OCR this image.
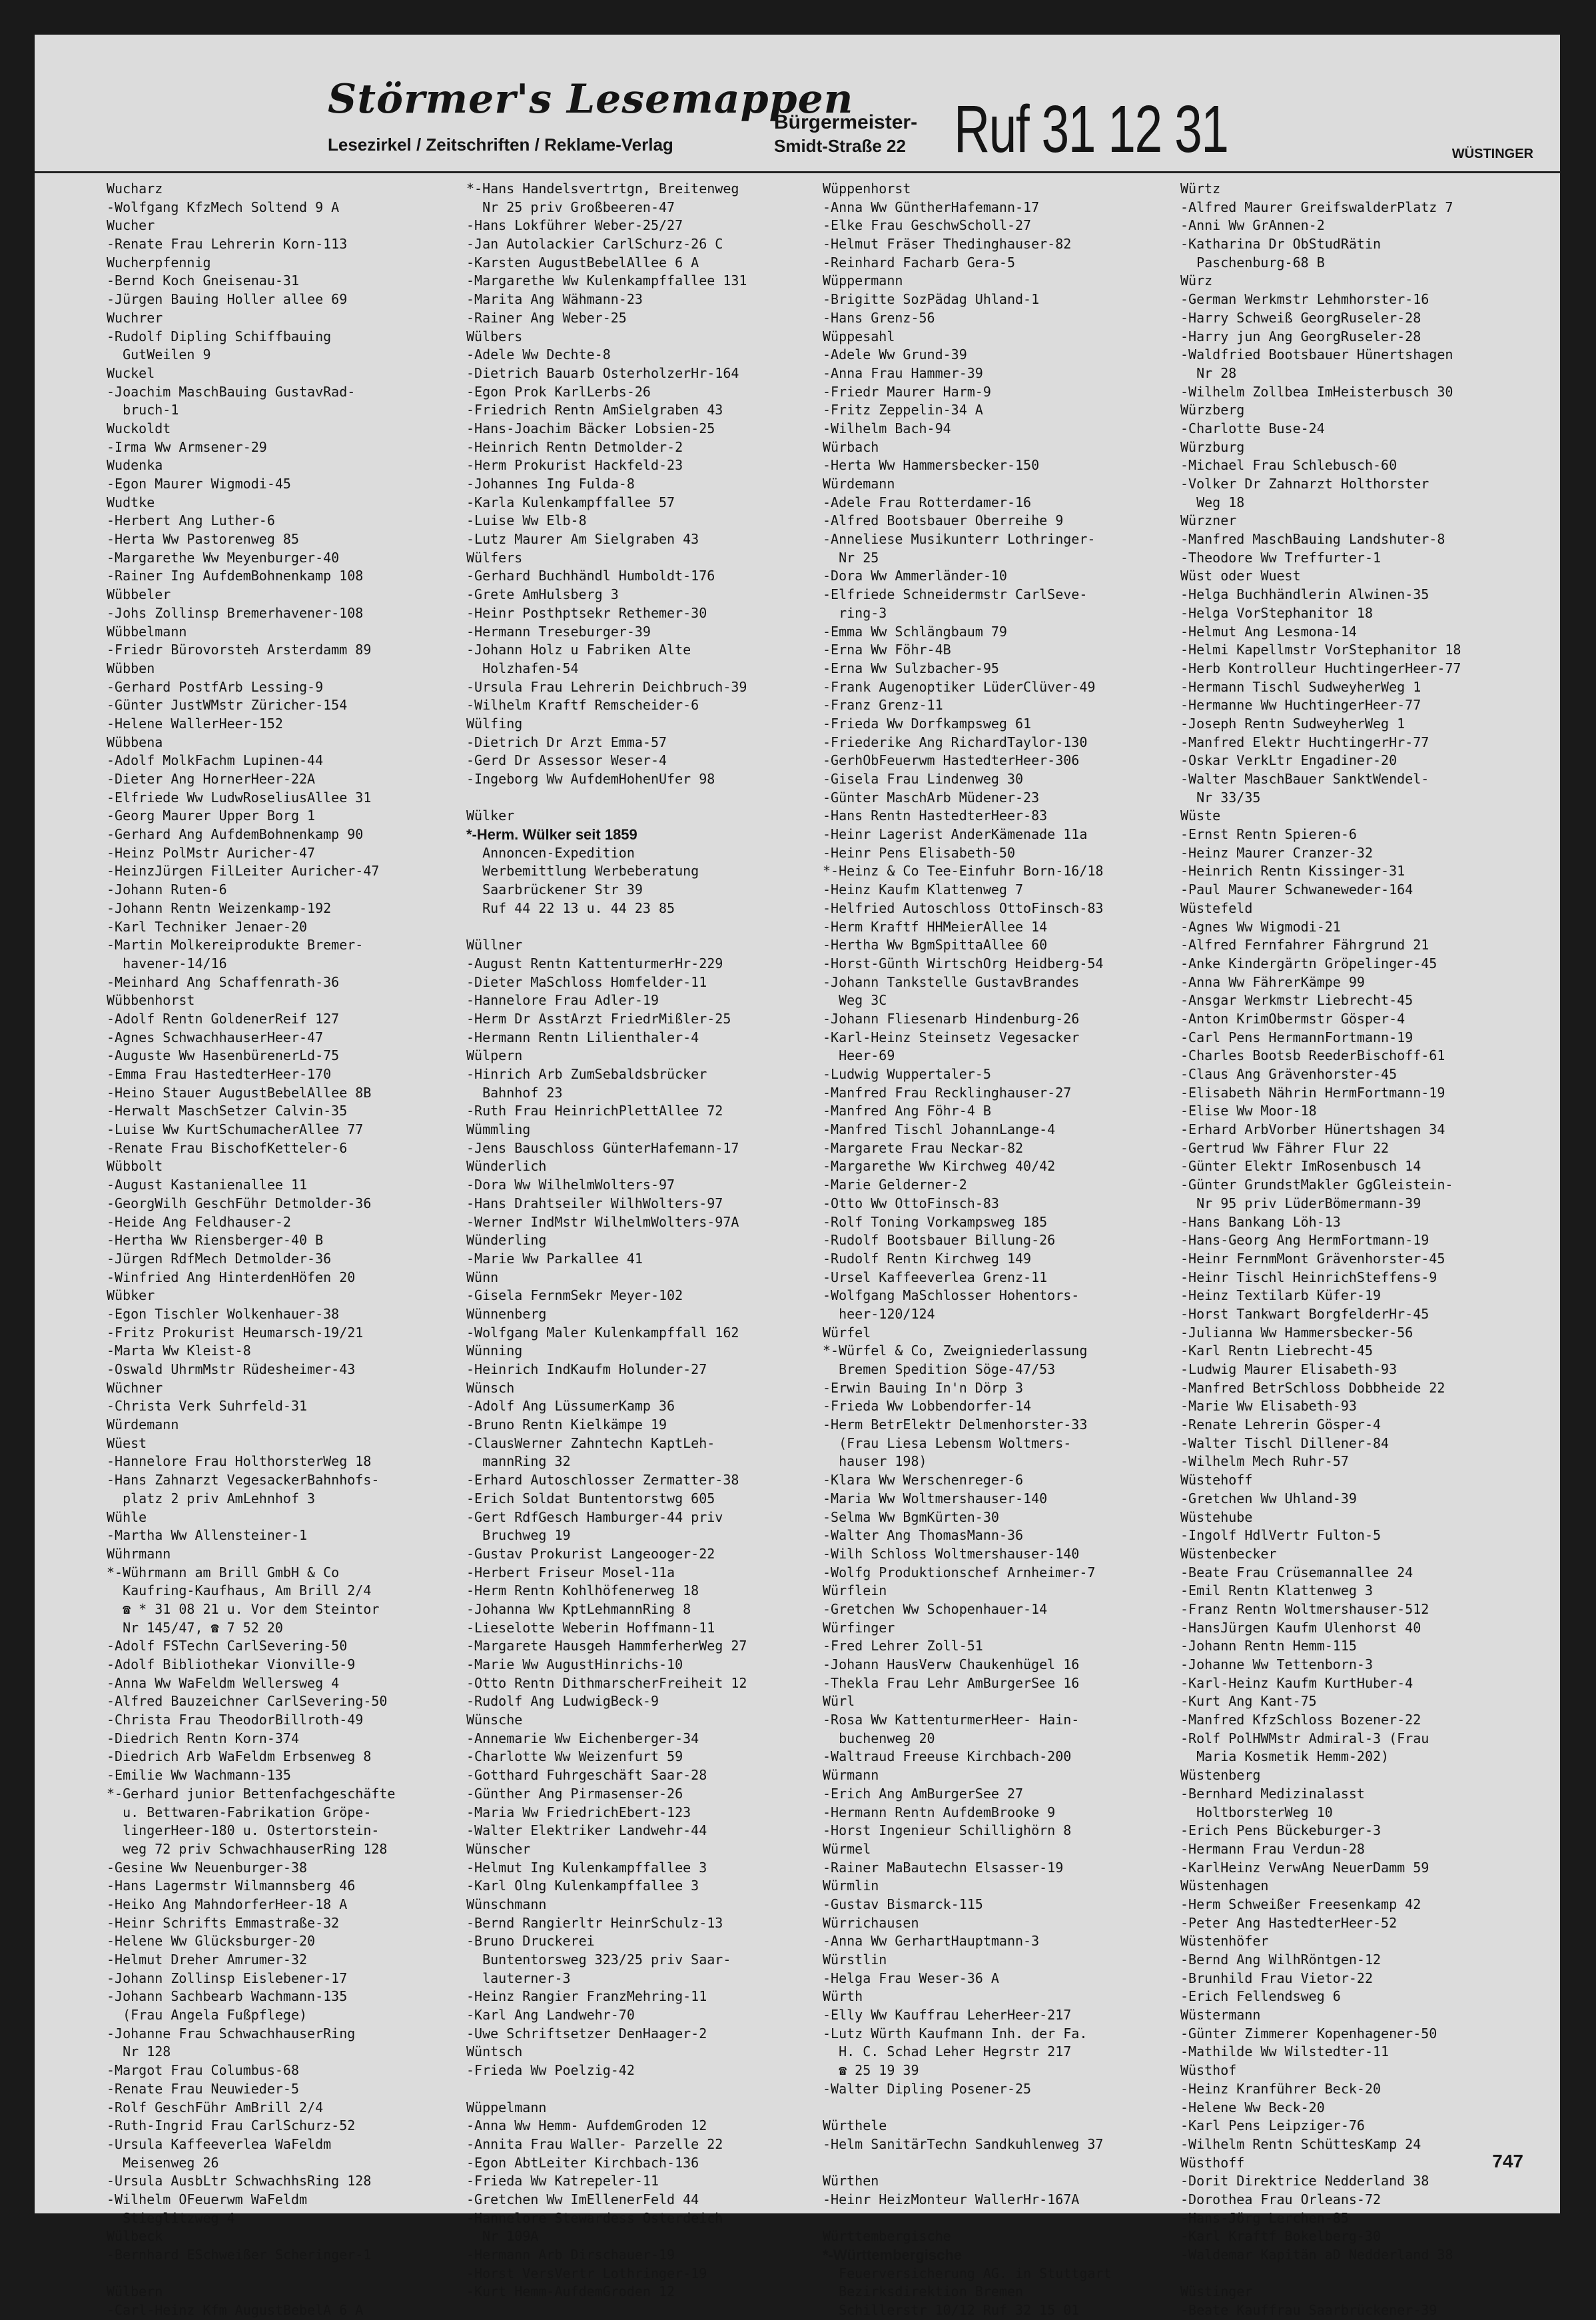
Störmer's Lesemappen
Lesezirkel / Zeitschriften / Reklame-Verlag
Bürgermeister-
Smidt-Straße 22 Ruf 31 12 31	WÜSTINGER
Wucharz
-Wolfgang KfzMech Soltend 9 A
Wucher
-Renate Frau Lehrerin Korn-113
Wucherpfennig
-Bernd Koch Gneisenau-31
-Jürgen Bauing Holler allee 69
Wuchrer
-Rudolf Dipling Schiffbauing
GutWeilen 9
Wuckel
-Joachim MaschBauing GustavRad-
bruch-1
Wuckoldt
-Irma Ww Armsener-29
Wudenka
-Egon Maurer Wigmodi-45
Wudtke
-Herbert Ang Luther-6
-Herta Ww Pastorenweg 85
-Margarethe Ww Meyenburger-40
-Rainer Ing AufdemBohnenkamp 108
Wübbeler
-Johs Zollinsp Bremerhavener-108
Wübbelmann
-Friedr Bürovorsteh Arsterdamm 89
Wübben
-Gerhard PostfArb Lessing-9
-Günter JustWMstr Züricher-154
-Helene WallerHeer-152
Wübbena
-Adolf MolkFachm Lupinen-44
-Dieter Ang HornerHeer-22A
-Elfriede Ww LudwRoseliusAllee 31
-Georg Maurer Upper Borg 1
-Gerhard Ang AufdemBohnenkamp 90
-Heinz PolMstr Auricher-47
-HeinzJürgen FilLeiter Auricher-47
-Johann Ruten-6
-Johann Rentn Weizenkamp-192
-Karl Techniker Jenaer-20
-Martin Molkereiprodukte Bremer-
havener-14/16
-Meinhard Ang Schaffenrath-36
Wübbenhorst
-Adolf Rentn GoldenerReif 127
-Agnes SchwachhauserHeer-47
-Auguste Ww HasenbürenerLd-75
-Emma Frau HastedterHeer-170
-Heino Stauer AugustBebelAllee 8B
-Herwalt MaschSetzer Calvin-35
-Luise Ww KurtSchumacherAllee 77
-Renate Frau BischofKetteler-6
Wübbolt
-August Kastanienallee 11
-GeorgWilh GeschFühr Detmolder-36
-Heide Ang Feldhauser-2
-Hertha Ww Riensberger-40 B
-Jürgen RdfMech Detmolder-36
-Winfried Ang HinterdenHöfen 20
Wübker
-Egon Tischler Wolkenhauer-38
-Fritz Prokurist Heumarsch-19/21
-Marta Ww Kleist-8
-Oswald UhrmMstr Rüdesheimer-43
Wüchner
-Christa Verk Suhrfeld-31
Würdemann
Wüest
-Hannelore Frau HolthorsterWeg 18
-Hans Zahnarzt VegesackerBahnhofs-
platz 2 priv AmLehnhof 3
Wühle
-Martha Ww Allensteiner-1
Wührmann
*-Wührmann am Brill GmbH & Co
Kaufring-Kaufhaus, Am Brill 2/4
☎ * 31 08 21 u. Vor dem Steintor
Nr 145/47, ☎ 7 52 20
-Adolf FSTechn CarlSevering-50
-Adolf Bibliothekar Vionville-9
-Anna Ww WaFeldm Wellersweg 4
-Alfred Bauzeichner CarlSevering-50
-Christa Frau TheodorBillroth-49
-Diedrich Rentn Korn-374
-Diedrich Arb WaFeldm Erbsenweg 8
-Emilie Ww Wachmann-135
*-Gerhard junior Bettenfachgeschäfte
u. Bettwaren-Fabrikation Gröpe-
lingerHeer-180 u. Ostertorstein-
weg 72 priv SchwachhauserRing 128
-Gesine Ww Neuenburger-38
-Hans Lagermstr Wilmannsberg 46
-Heiko Ang MahndorferHeer-18 A
-Heinr Schrifts Emmastraße-32
-Helene Ww Glücksburger-20
-Helmut Dreher Amrumer-32
-Johann Zollinsp Eislebener-17
-Johann Sachbearb Wachmann-135
(Frau Angela Fußpflege)
-Johanne Frau SchwachhauserRing
Nr 128
-Margot Frau Columbus-68
-Renate Frau Neuwieder-5
-Rolf GeschFühr AmBrill 2/4
-Ruth-Ingrid Frau CarlSchurz-52
-Ursula Kaffeeverlea WaFeldm
Meisenweg 26
-Ursula AusbLtr SchwachhsRing 128
-Wilhelm OFeuerwm WaFeldm
Stieglitzweg 4
Wülbeck
-Bernhard ESchweißer Scheringer-1
Wülbern
-Carl-Heinz Kfm AugustBebelA 6 A
*-Hans Handelsvertrtgn, Breitenweg
Nr 25 priv Großbeeren-47
-Hans Lokführer Weber-25/27
-Jan Autolackier CarlSchurz-26 C
-Karsten AugustBebelAllee 6 A
-Margarethe Ww Kulenkampffallee 131
-Marita Ang Wähmann-23
-Rainer Ang Weber-25
Wülbers
-Adele Ww Dechte-8
-Dietrich Bauarb OsterholzerHr-164
-Egon Prok KarlLerbs-26
-Friedrich Rentn AmSielgraben 43
-Hans-Joachim Bäcker Lobsien-25
-Heinrich Rentn Detmolder-2
-Herm Prokurist Hackfeld-23
-Johannes Ing Fulda-8
-Karla Kulenkampffallee 57
-Luise Ww Elb-8
-Lutz Maurer Am Sielgraben 43
Wülfers
-Gerhard Buchhändl Humboldt-176
-Grete AmHulsberg 3
-Heinr Posthptsekr Rethemer-30
-Hermann Treseburger-39
-Johann Holz u Fabriken Alte
Holzhafen-54
-Ursula Frau Lehrerin Deichbruch-39
-Wilhelm Kraftf Remscheider-6
Wülfing
-Dietrich Dr Arzt Emma-57
-Gerd Dr Assessor Weser-4
-Ingeborg Ww AufdemHohenUfer 98
Wülker
*-Herm. Wülker seit 1859
Annoncen-Expedition
Werbemittlung Werbeberatung
Saarbrückener Str 39
Ruf 44 22 13 u. 44 23 85
Wüllner
-August Rentn KattenturmerHr-229
-Dieter MaSchloss Homfelder-11
-Hannelore Frau Adler-19
-Herm Dr AsstArzt FriedrMißler-25
-Hermann Rentn Lilienthaler-4
Wülpern
-Hinrich Arb ZumSebaldsbrücker
Bahnhof 23
-Ruth Frau HeinrichPlettAllee 72
Wümmling
-Jens Bauschloss GünterHafemann-17
Wünderlich
-Dora Ww WilhelmWolters-97
-Hans Drahtseiler WilhWolters-97
-Werner IndMstr WilhelmWolters-97A
Wünderling
-Marie Ww Parkallee 41
Wünn
-Gisela FernmSekr Meyer-102
Wünnenberg
-Wolfgang Maler Kulenkampffall 162
Wünning
-Heinrich IndKaufm Holunder-27
Wünsch
-Adolf Ang LüssumerKamp 36
-Bruno Rentn Kielkämpe 19
-ClausWerner Zahntechn KaptLeh-
mannRing 32
-Erhard Autoschlosser Zermatter-38
-Erich Soldat Buntentorstwg 605
-Gert RdfGesch Hamburger-44 priv
Bruchweg 19
-Gustav Prokurist Langeooger-22
-Herbert Friseur Mosel-11a
-Herm Rentn Kohlhöfenerweg 18
-Johanna Ww KptLehmannRing 8
-Lieselotte Weberin Hoffmann-11
-Margarete Hausgeh HammferherWeg 27
-Marie Ww AugustHinrichs-10
-Otto Rentn DithmarscherFreiheit 12
-Rudolf Ang LudwigBeck-9
Wünsche
-Annemarie Ww Eichenberger-34
-Charlotte Ww Weizenfurt 59
-Gotthard Fuhrgeschäft Saar-28
-Günther Ang Pirmasenser-26
-Maria Ww FriedrichEbert-123
-Walter Elektriker Landwehr-44
Wünscher
-Helmut Ing Kulenkampffallee 3
-Karl Olng Kulenkampffallee 3
Wünschmann
-Bernd Rangierltr HeinrSchulz-13
-Bruno Druckerei
Buntentorsweg 323/25 priv Saar-
lauterner-3
-Heinz Rangier FranzMehring-11
-Karl Ang Landwehr-70
-Uwe Schriftsetzer DenHaager-2
Wüntsch
-Frieda Ww Poelzig-42
Wüppelmann
-Anna Ww Hemm- AufdemGroden 12
-Annita Frau Waller- Parzelle 22
-Egon AbtLeiter Kirchbach-136
-Frieda Ww Katrepeler-11
-Gretchen Ww ImEllenerFeld 44
-Hannelore Stewardess Osterdeich
Nr 109A
-Hermann Arb Dirschauer-19
-Horst VersVertr Lothringer-19
-Kurt Hemm-AufdemGroden 12
Wüppenhorst
-Anna Ww GüntherHafemann-17
-Elke Frau GeschwScholl-27
-Helmut Fräser Thedinghauser-82
-Reinhard Facharb Gera-5
Wüppermann
-Brigitte SozPädag Uhland-1
-Hans Grenz-56
Wüppesahl
-Adele Ww Grund-39
-Anna Frau Hammer-39
-Friedr Maurer Harm-9
-Fritz Zeppelin-34 A
-Wilhelm Bach-94
Würbach
-Herta Ww Hammersbecker-150
Würdemann
-Adele Frau Rotterdamer-16
-Alfred Bootsbauer Oberreihe 9
-Anneliese Musikunterr Lothringer-
Nr 25
-Dora Ww Ammerländer-10
-Elfriede Schneidermstr CarlSeve-
ring-3
-Emma Ww Schlängbaum 79
-Erna Ww Föhr-4B
-Erna Ww Sulzbacher-95
-Frank Augenoptiker LüderClüver-49
-Franz Grenz-11
-Frieda Ww Dorfkampsweg 61
-Friederike Ang RichardTaylor-130
-GerhObFeuerwm HastedterHeer-306
-Gisela Frau Lindenweg 30
-Günter MaschArb Müdener-23
-Hans Rentn HastedterHeer-83
-Heinr Lagerist AnderKämenade 11a
-Heinr Pens Elisabeth-50
*-Heinz & Co Tee-Einfuhr Born-16/18
-Heinz Kaufm Klattenweg 7
-Helfried Autoschloss OttoFinsch-83
-Herm Kraftf HHMeierAllee 14
-Hertha Ww BgmSpittaAllee 60
-Horst-Günth WirtschOrg Heidberg-54
-Johann Tankstelle GustavBrandes
Weg 3C
-Johann Fliesenarb Hindenburg-26
-Karl-Heinz Steinsetz Vegesacker
Heer-69
-Ludwig Wuppertaler-5
-Manfred Frau Recklinghauser-27
-Manfred Ang Föhr-4 B
-Manfred Tischl JohannLange-4
-Margarete Frau Neckar-82
-Margarethe Ww Kirchweg 40/42
-Marie Gelderner-2
-Otto Ww OttoFinsch-83
-Rolf Toning Vorkampsweg 185
-Rudolf Bootsbauer Billung-26
-Rudolf Rentn Kirchweg 149
-Ursel Kaffeeverlea Grenz-11
-Wolfgang MaSchlosser Hohentors-
heer-120/124
Würfel
*-Würfel & Co, Zweigniederlassung
Bremen Spedition Söge-47/53
-Erwin Bauing In'n Dörp 3
-Frieda Ww Lobbendorfer-14
-Herm BetrElektr Delmenhorster-33
(Frau Liesa Lebensm Woltmers-
hauser 198)
-Klara Ww Werschenreger-6
-Maria Ww Woltmershauser-140
-Selma Ww BgmKürten-30
-Walter Ang ThomasMann-36
-Wilh Schloss Woltmershauser-140
-Wolfg Produktionschef Arnheimer-7
Würflein
-Gretchen Ww Schopenhauer-14
Würfinger
-Fred Lehrer Zoll-51
-Johann HausVerw Chaukenhügel 16
-Thekla Frau Lehr AmBurgerSee 16
Würl
-Rosa Ww KattenturmerHeer- Hain-
buchenweg 20
-Waltraud Freeuse Kirchbach-200
Würmann
-Erich Ang AmBurgerSee 27
-Hermann Rentn AufdemBrooke 9
-Horst Ingenieur Schillighörn 8
Würmel
-Rainer MaBautechn Elsasser-19
Würmlin
-Gustav Bismarck-115
Würrichausen
-Anna Ww GerhartHauptmann-3
Würstlin
-Helga Frau Weser-36 A
Würth
-Elly Ww Kauffrau LeherHeer-217
-Lutz Würth Kaufmann Inh. der Fa.
H. C. Schad Leher Hegrstr 217
☎ 25 19 39
-Walter Dipling Posener-25
Würthele
-Helm SanitärTechn Sandkuhlenweg 37
Würthen
-Heinr HeizMonteur WallerHr-167A
Württembergische
*-Württembergische
Feuerversicherung AG. in Stuttgart
Bezirksdirektion Bremen
Schillerstr 10/12 Ruf 32 15 01
Würtz
-Alfred Maurer GreifswalderPlatz 7
-Anni Ww GrAnnen-2
-Katharina Dr ObStudRätin
Paschenburg-68 B
Würz
-German Werkmstr Lehmhorster-16
-Harry Schweiß GeorgRuseler-28
-Harry jun Ang GeorgRuseler-28
-Waldfried Bootsbauer Hünertshagen
Nr 28
-Wilhelm Zollbea ImHeisterbusch 30
Würzberg
-Charlotte Buse-24
Würzburg
-Michael Frau Schlebusch-60
-Volker Dr Zahnarzt Holthorster
Weg 18
Würzner
-Manfred MaschBauing Landshuter-8
-Theodore Ww Treffurter-1
Wüst oder Wuest
-Helga Buchhändlerin Alwinen-35
-Helga VorStephanitor 18
-Helmut Ang Lesmona-14
-Helmi Kapellmstr VorStephanitor 18
-Herb Kontrolleur HuchtingerHeer-77
-Hermann Tischl SudweyherWeg 1
-Hermanne Ww HuchtingerHeer-77
-Joseph Rentn SudweyherWeg 1
-Manfred Elektr HuchtingerHr-77
-Oskar VerkLtr Engadiner-20
-Walter MaschBauer SanktWendel-
Nr 33/35
Wüste
-Ernst Rentn Spieren-6
-Heinz Maurer Cranzer-32
-Heinrich Rentn Kissinger-31
-Paul Maurer Schwaneweder-164
Wüstefeld
-Agnes Ww Wigmodi-21
-Alfred Fernfahrer Fährgrund 21
-Anke Kindergärtn Gröpelinger-45
-Anna Ww FährerKämpe 99
-Ansgar Werkmstr Liebrecht-45
-Anton KrimObermstr Gösper-4
-Carl Pens HermannFortmann-19
-Charles Bootsb ReederBischoff-61
-Claus Ang Grävenhorster-45
-Elisabeth Nährin HermFortmann-19
-Elise Ww Moor-18
-Erhard ArbVorber Hünertshagen 34
-Gertrud Ww Fährer Flur 22
-Günter Elektr ImRosenbusch 14
-Günter GrundstMakler GgGleistein-
Nr 95 priv LüderBömermann-39
-Hans Bankang Löh-13
-Hans-Georg Ang HermFortmann-19
-Heinr FernmMont Grävenhorster-45
-Heinr Tischl HeinrichSteffens-9
-Heinz Textilarb Küfer-19
-Horst Tankwart BorgfelderHr-45
-Julianna Ww Hammersbecker-56
-Karl Rentn Liebrecht-45
-Ludwig Maurer Elisabeth-93
-Manfred BetrSchloss Dobbheide 22
-Marie Ww Elisabeth-93
-Renate Lehrerin Gösper-4
-Walter Tischl Dillener-84
-Wilhelm Mech Ruhr-57
Wüstehoff
-Gretchen Ww Uhland-39
Wüstehube
-Ingolf HdlVertr Fulton-5
Wüstenbecker
-Beate Frau Crüsemannallee 24
-Emil Rentn Klattenweg 3
-Franz Rentn Woltmershauser-512
-HansJürgen Kaufm Ulenhorst 40
-Johann Rentn Hemm-115
-Johanne Ww Tettenborn-3
-Karl-Heinz Kaufm KurtHuber-4
-Kurt Ang Kant-75
-Manfred KfzSchloss Bozener-22
-Rolf PolHWMstr Admiral-3 (Frau
Maria Kosmetik Hemm-202)
Wüstenberg
-Bernhard Medizinalasst
HoltborsterWeg 10
-Erich Pens Bückeburger-3
-Hermann Frau Verdun-28
-KarlHeinz VerwAng NeuerDamm 59
Wüstenhagen
-Herm Schweißer Freesenkamp 42
-Peter Ang HastedterHeer-52
Wüstenhöfer
-Bernd Ang WilhRöntgen-12
-Brunhild Frau Vietor-22
-Erich Fellendsweg 6
Wüstermann
-Günter Zimmerer Kopenhagener-50
-Mathilde Ww Wilstedter-11
Wüsthof
-Heinz Kranführer Beck-20
-Helene Ww Beck-20
-Karl Pens Leipziger-76
-Wilhelm Rentn SchüttesKamp 24
Wüsthoff
-Dorit Direktrice Nedderland 38
-Dorothea Frau Orleans-72
-Hans-Jörg Lerchen-85
-Karl Kraftf Bokelberg-30
-Waldemar Kapitän aD Nedderland 38
Wüstinger
-Beate Kauffrau Saarbrückener-39
747
